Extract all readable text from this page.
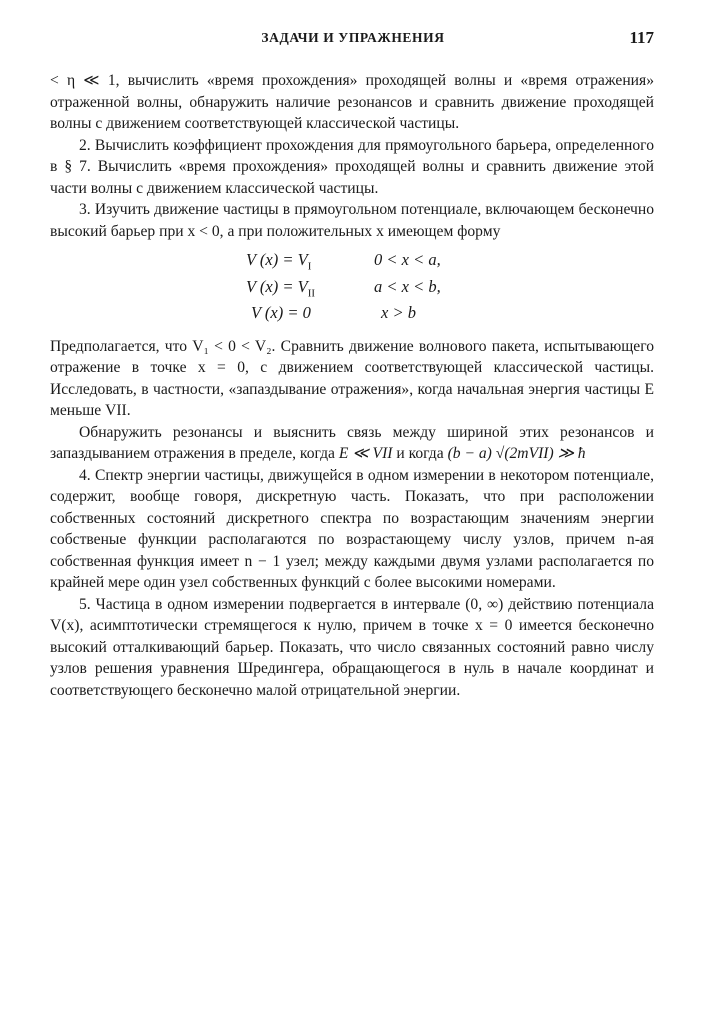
ЗАДАЧИ И УПРАЖНЕНИЯ	117

< η ≪ 1, вычислить «время прохождения» проходящей волны и «время отражения» отраженной волны, обнаружить наличие резонансов и сравнить движение проходящей волны с движением соответствующей классической частицы.

2. Вычислить коэффициент прохождения для прямоугольного барьера, определенного в § 7. Вычислить «время прохождения» проходящей волны и сравнить движение этой части волны с движением классической частицы.

3. Изучить движение частицы в прямоугольном потенциале, включающем бесконечно высокий барьер при x < 0, а при положительных x имеющем форму

V $(x) = V_I$	0 < x < a,
V $(x) = V_{II}$	a < x < b,
V (x) = 0	x > b

Предполагается, что V₁ < 0 < V₂. Сравнить движение волнового пакета, испытывающего отражение в точке x = 0, с движением соответствующей классической частицы. Исследовать, в частности, «запаздывание отражения», когда начальная энергия частицы E меньше VII.

Обнаружить резонансы и выяснить связь между шириной этих резонансов и запаздыванием отражения в пределе, когда E ≪ VII и когда (b − a) √(2mVII) ≫ ħ

4. Спектр энергии частицы, движущейся в одном измерении в некотором потенциале, содержит, вообще говоря, дискретную часть. Показать, что при расположении собственных состояний дискретного спектра по возрастающим значениям энергии собственые функции располагаются по возрастающему числу узлов, причем n-ая собственная функция имеет n − 1 узел; между каждыми двумя узлами располагается по крайней мере один узел собственных функций с более высокими номерами.

5. Частица в одном измерении подвергается в интервале (0, ∞) действию потенциала V(x), асимптотически стремящегося к нулю, причем в точке x = 0 имеется бесконечно высокий отталкивающий барьер. Показать, что число связанных состояний равно числу узлов решения уравнения Шредингера, обращающегося в нуль в начале координат и соответствующего бесконечно малой отрицательной энергии.
